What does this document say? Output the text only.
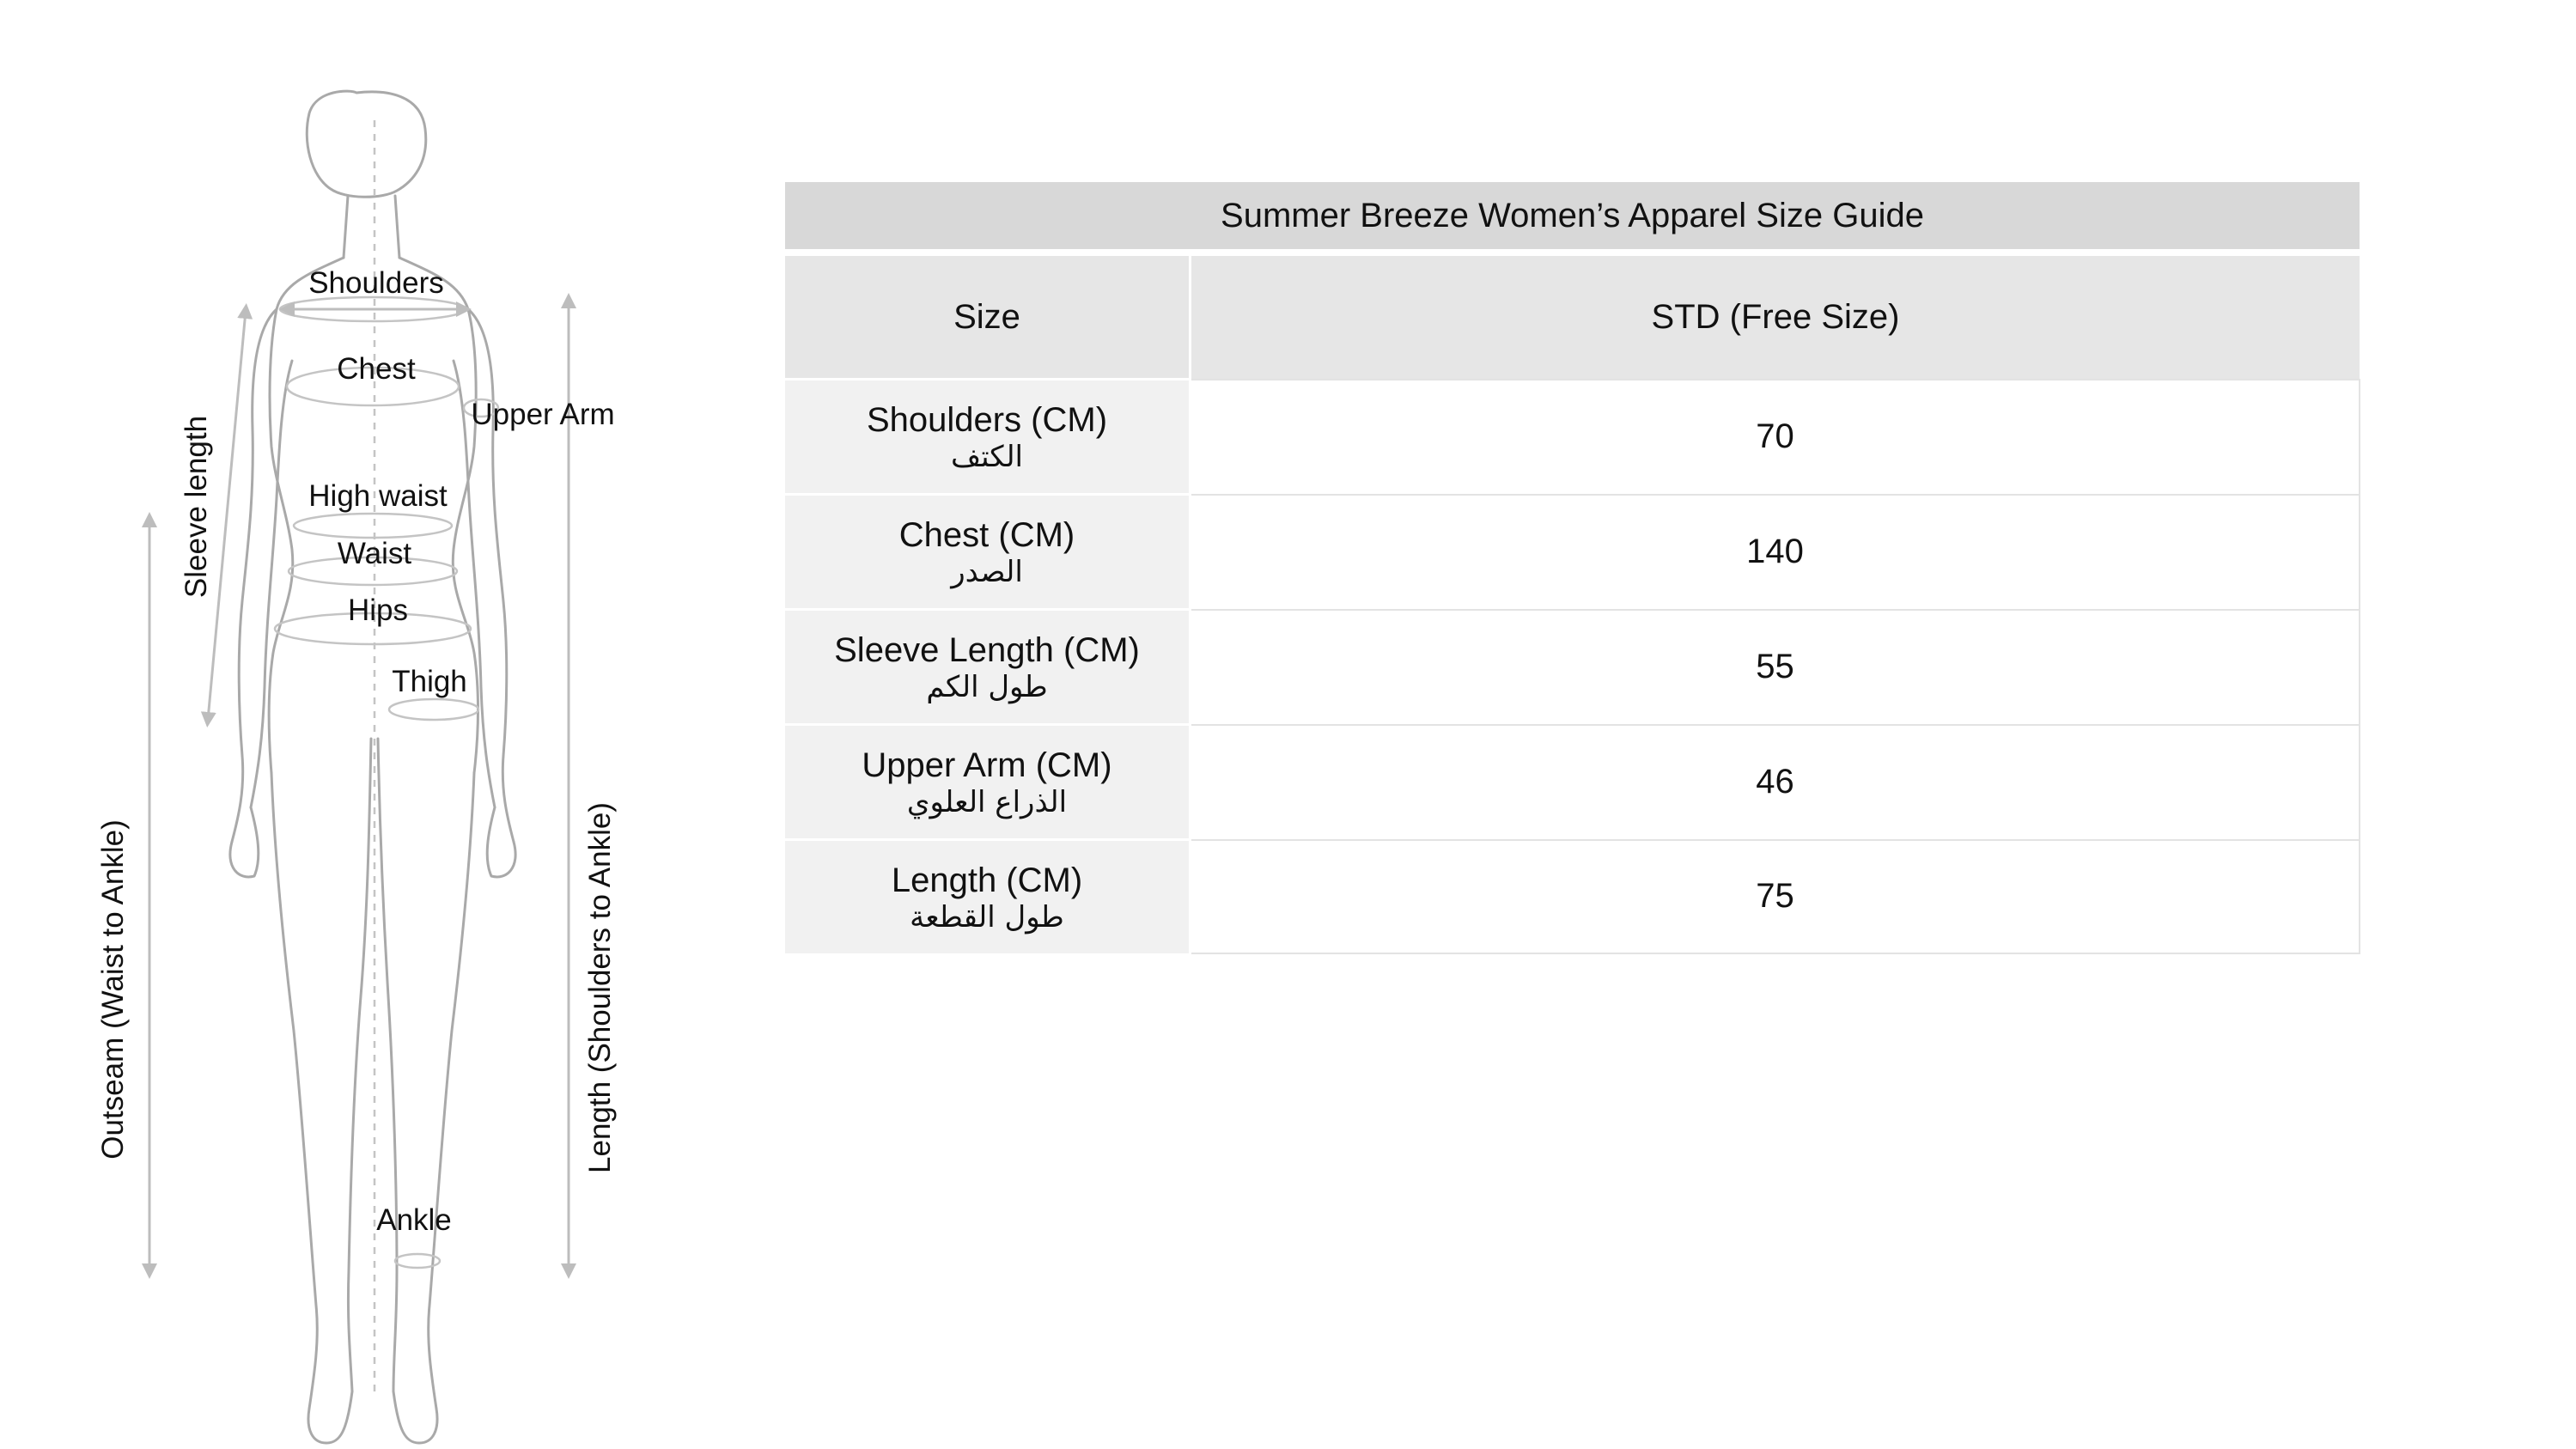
Shoulders
Chest
Upper Arm
High waist
Waist
Hips
Thigh
Ankle
Sleeve length
Outseam (Waist to Ankle)	Length (Shoulders to Ankle)
Summer Breeze Women’s Apparel Size Guide	
Size	STD (Free Size)

Shoulders (CM)
الكتف	70

Chest (CM)
الصدر	140

Sleeve Length (CM)
طول الكم	55

Upper Arm (CM)
الذراع العلوي	46

Length (CM)
طول القطعة	75
